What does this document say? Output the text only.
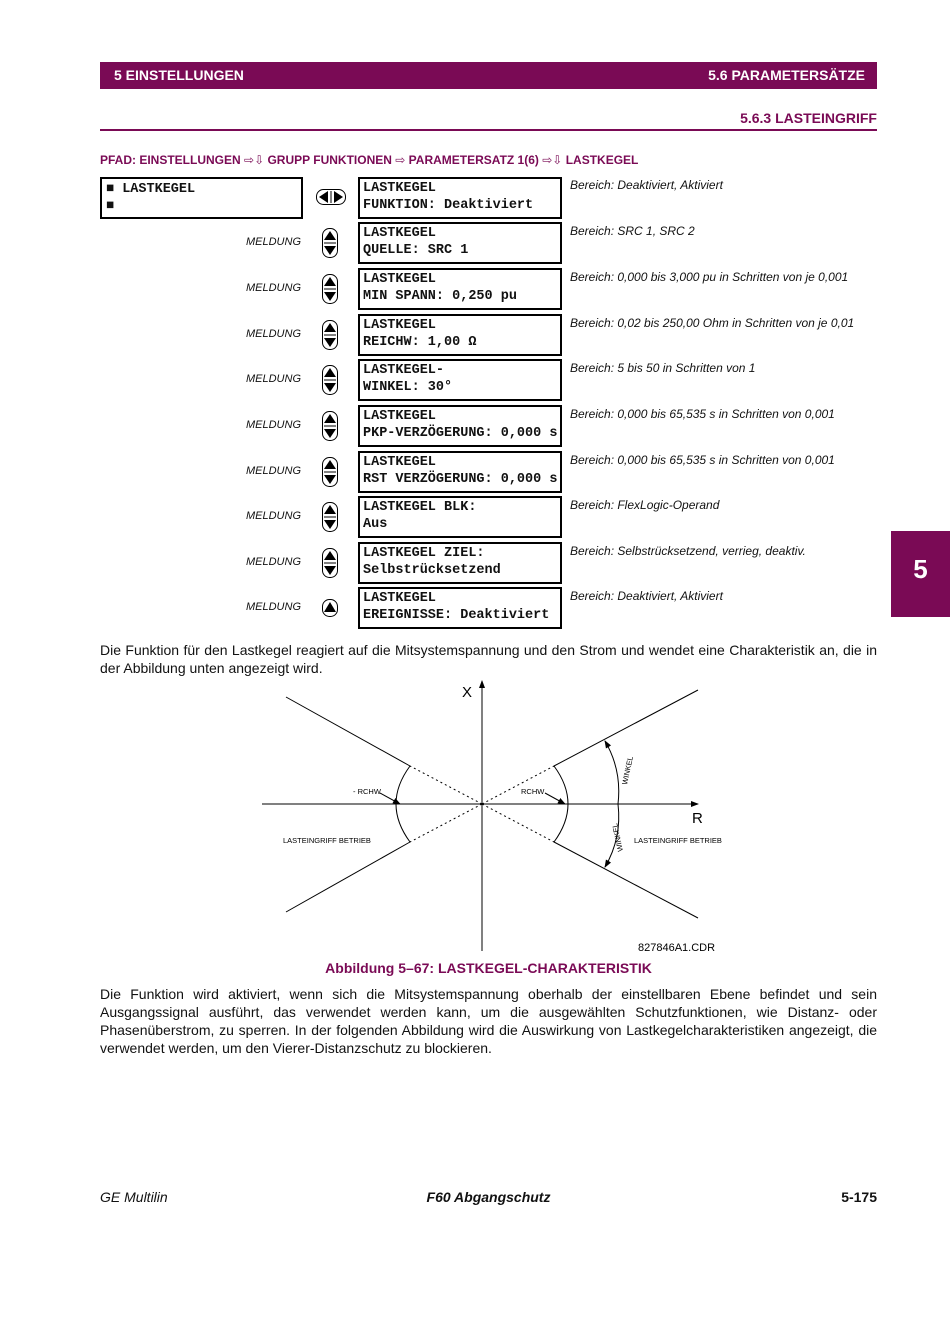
5 EINSTELLUNGEN	5.6 PARAMETERSÄTZE
5.6.3 LASTEINGRIFF
PFAD: EINSTELLUNGEN ⇨⇩ GRUPP FUNKTIONEN ⇨ PARAMETERSATZ 1(6) ⇨⇩ LASTKEGEL
■ LASTKEGEL
■
LASTKEGEL
FUNKTION: Deaktiviert
Bereich: Deaktiviert, Aktiviert
MELDUNG
LASTKEGEL
QUELLE: SRC 1
Bereich: SRC 1, SRC 2
MELDUNG
LASTKEGEL
MIN SPANN: 0,250 pu
Bereich: 0,000 bis 3,000 pu in Schritten von je 0,001
MELDUNG
LASTKEGEL
REICHW: 1,00 Ω
Bereich: 0,02 bis 250,00 Ohm in Schritten von je 0,01
MELDUNG
LASTKEGEL-
WINKEL: 30°
Bereich: 5 bis 50 in Schritten von 1
MELDUNG
LASTKEGEL
PKP-VERZÖGERUNG: 0,000 s
Bereich: 0,000 bis 65,535 s in Schritten von 0,001
MELDUNG
LASTKEGEL
RST VERZÖGERUNG: 0,000 s
Bereich: 0,000 bis 65,535 s in Schritten von 0,001
MELDUNG
LASTKEGEL BLK:
Aus
Bereich: FlexLogic-Operand
MELDUNG
LASTKEGEL ZIEL:
Selbstrücksetzend
Bereich: Selbstrücksetzend, verrieg, deaktiv.
MELDUNG
LASTKEGEL
EREIGNISSE: Deaktiviert
Bereich: Deaktiviert, Aktiviert
5
Die Funktion für den Lastkegel reagiert auf die Mitsystemspannung und den Strom und wendet eine Charakteristik an, die in der Abbildung unten angezeigt wird.
X
R
- RCHW	RCHW
LASTEINGRIFF BETRIEB	LASTEINGRIFF BETRIEB
WINKEL
WINKEL
827846A1.CDR
Abbildung 5–67: LASTKEGEL-CHARAKTERISTIK
Die Funktion wird aktiviert, wenn sich die Mitsystemspannung oberhalb der einstellbaren Ebene befindet und sein Ausgangssignal ausführt, das verwendet werden kann, um die ausgewählten Schutzfunktionen, wie Distanz- oder Phasenüberstrom, zu sperren. In der folgenden Abbildung wird die Auswirkung von Lastkegelcharakteristiken angezeigt, die verwendet werden, um den Vierer-Distanzschutz zu blockieren.
GE Multilin	F60 Abgangschutz	5-175
